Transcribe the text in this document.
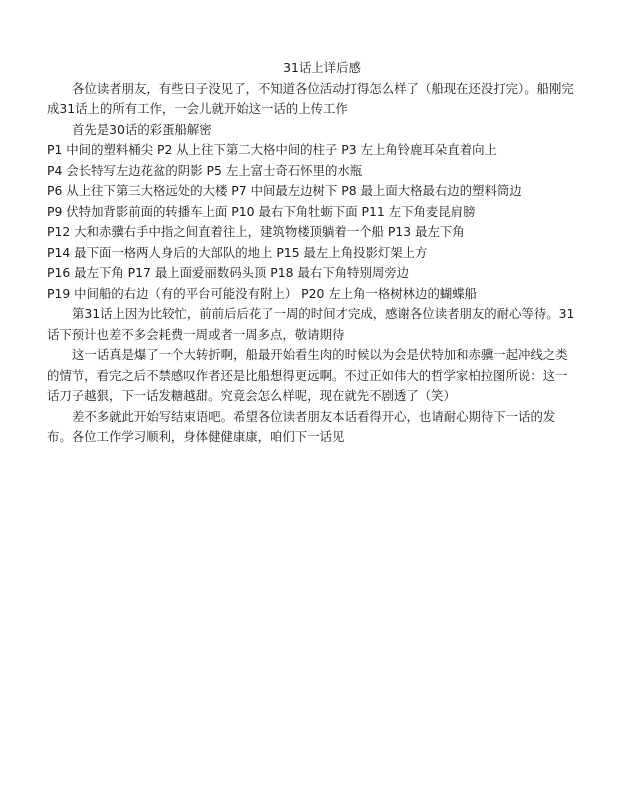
31话上详后感

各位读者朋友，有些日子没见了，不知道各位活动打得怎么样了（船现在还没打完）。船刚完成31话上的所有工作，一会儿就开始这一话的上传工作

首先是30话的彩蛋船解密

P1 中间的塑料桶尖 P2 从上往下第二大格中间的柱子 P3 左上角铃鹿耳朵直着向上

P4 会长特写左边花盆的阴影 P5 左上富士奇石怀里的水瓶

P6 从上往下第三大格远处的大楼 P7 中间最左边树下 P8 最上面大格最右边的塑料筒边

P9 伏特加背影前面的转播车上面 P10 最右下角牡蛎下面 P11 左下角麦昆肩膀

P12 大和赤骥右手中指之间直着往上，建筑物楼顶躺着一个船 P13 最左下角

P14 最下面一格两人身后的大部队的地上 P15 最左上角投影灯架上方

P16 最左下角 P17 最上面爱丽数码头顶 P18 最右下角特别周旁边

P19 中间船的右边（有的平台可能没有附上） P20 左上角一格树林边的蝴蝶船

第31话上因为比较忙，前前后后花了一周的时间才完成，感谢各位读者朋友的耐心等待。31话下预计也差不多会耗费一周或者一周多点，敬请期待

这一话真是爆了一个大转折啊，船最开始看生肉的时候以为会是伏特加和赤骥一起冲线之类的情节，看完之后不禁感叹作者还是比船想得更远啊。不过正如伟大的哲学家柏拉图所说：这一话刀子越狠，下一话发糖越甜。究竟会怎么样呢，现在就先不剧透了（笑）

差不多就此开始写结束语吧。希望各位读者朋友本话看得开心，也请耐心期待下一话的发布。各位工作学习顺利，身体健健康康，咱们下一话见
